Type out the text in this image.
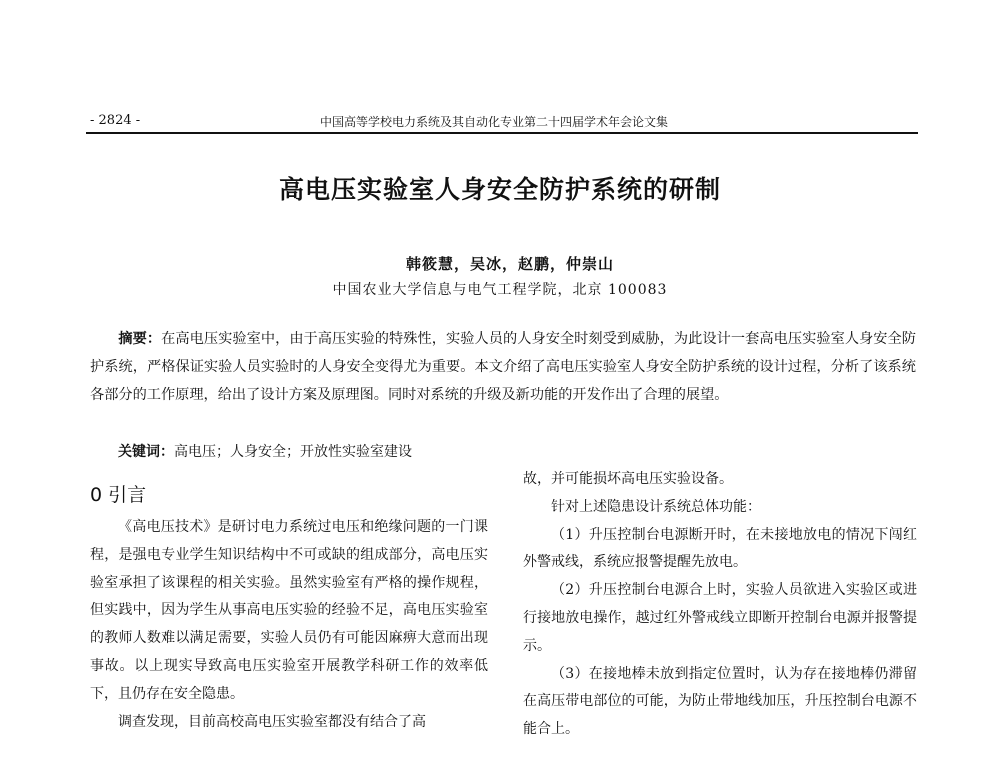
- 2824 -	中国高等学校电力系统及其自动化专业第二十四届学术年会论文集
高电压实验室人身安全防护系统的研制
韩筱慧，吴冰，赵鹏，仲崇山
中国农业大学信息与电气工程学院，北京 100083

摘要：在高电压实验室中，由于高压实验的特殊性，实验人员的人身安全时刻受到威胁，为此设计一套高电压实验室人身安全防护系统，严格保证实验人员实验时的人身安全变得尤为重要。本文介绍了高电压实验室人身安全防护系统的设计过程，分析了该系统各部分的工作原理，给出了设计方案及原理图。同时对系统的升级及新功能的开发作出了合理的展望。

关键词：高电压；人身安全；开放性实验室建设

0 引言

《高电压技术》是研讨电力系统过电压和绝缘问题的一门课程，是强电专业学生知识结构中不可或缺的组成部分，高电压实验室承担了该课程的相关实验。虽然实验室有严格的操作规程，但实践中，因为学生从事高电压实验的经验不足，高电压实验室的教师人数难以满足需要，实验人员仍有可能因麻痹大意而出现事故。以上现实导致高电压实验室开展教学科研工作的效率低下，且仍存在安全隐患。

调查发现，目前高校高电压实验室都没有结合了高

故，并可能损坏高电压实验设备。

针对上述隐患设计系统总体功能：

（1）升压控制台电源断开时，在未接地放电的情况下闯红外警戒线，系统应报警提醒先放电。

（2）升压控制台电源合上时，实验人员欲进入实验区或进行接地放电操作，越过红外警戒线立即断开控制台电源并报警提示。

（3）在接地棒未放到指定位置时，认为存在接地棒仍滞留在高压带电部位的可能，为防止带地线加压，升压控制台电源不能合上。
